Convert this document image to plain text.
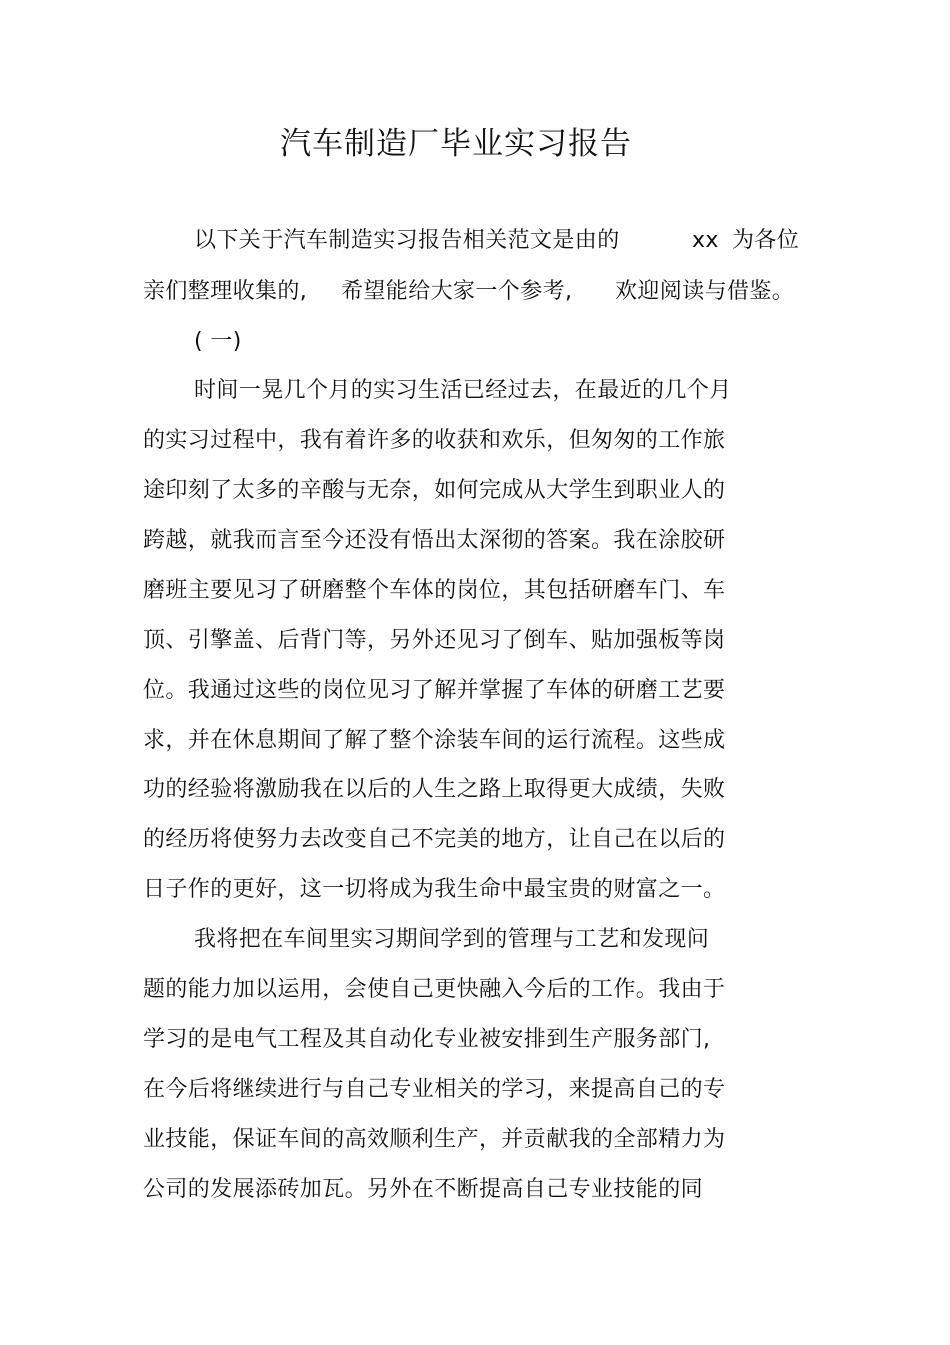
汽车制造厂毕业实习报告
以下关于汽车制造实习报告相关范文是由的	xx 为各位
亲们整理收集的, 希望能给大家一个参考, 欢迎阅读与借鉴。
( 一)
时间一晃几个月的实习生活已经过去，在最近的几个月
的实习过程中，我有着许多的收获和欢乐，但匆匆的工作旅
途印刻了太多的辛酸与无奈，如何完成从大学生到职业人的
跨越，就我而言至今还没有悟出太深彻的答案。我在涂胶研
磨班主要见习了研磨整个车体的岗位，其包括研磨车门、车
顶、引擎盖、后背门等，另外还见习了倒车、贴加强板等岗
位。我通过这些的岗位见习了解并掌握了车体的研磨工艺要
求，并在休息期间了解了整个涂装车间的运行流程。这些成
功的经验将激励我在以后的人生之路上取得更大成绩，失败
的经历将使努力去改变自己不完美的地方，让自己在以后的
日子作的更好，这一切将成为我生命中最宝贵的财富之一。
我将把在车间里实习期间学到的管理与工艺和发现问
题的能力加以运用，会使自己更快融入今后的工作。我由于
学习的是电气工程及其自动化专业被安排到生产服务部门,
在今后将继续进行与自己专业相关的学习，来提高自己的专
业技能，保证车间的高效顺利生产，并贡献我的全部精力为
公司的发展添砖加瓦。另外在不断提高自己专业技能的同
